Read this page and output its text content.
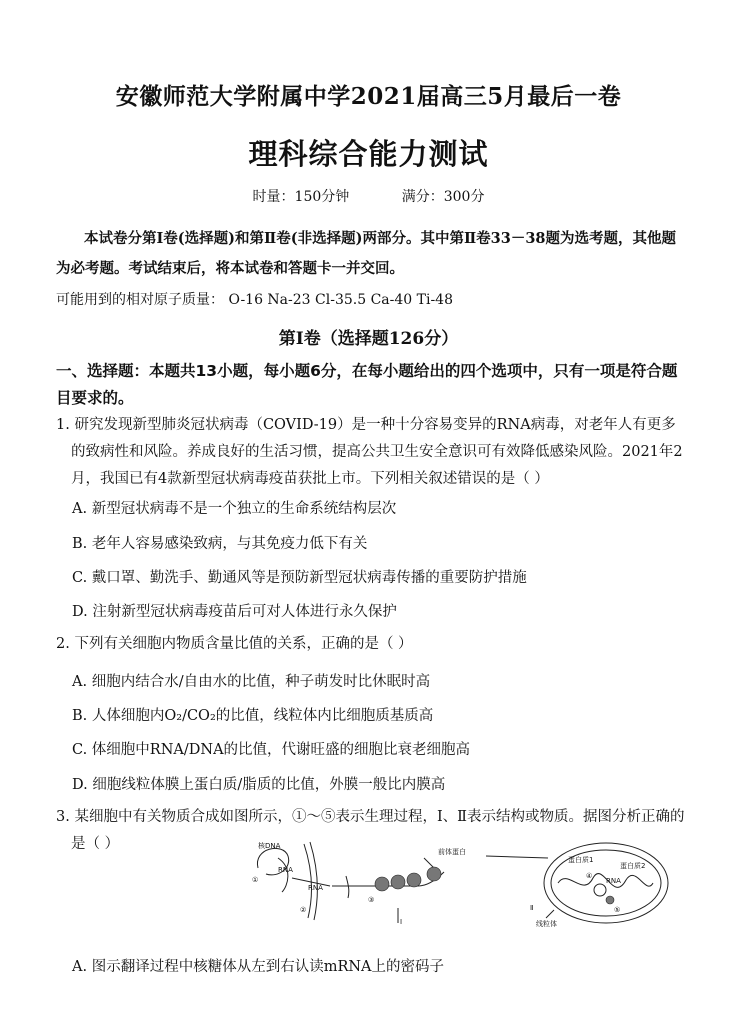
安徽师范大学附属中学2021届高三5月最后一卷
理科综合能力测试
时量：150分钟	满分：300分
本试卷分第Ⅰ卷(选择题)和第Ⅱ卷(非选择题)两部分。其中第Ⅱ卷33－38题为选考题，其他题为必考题。考试结束后，将本试卷和答题卡一并交回。
可能用到的相对原子质量： O-16 Na-23 Cl-35.5 Ca-40 Ti-48
第Ⅰ卷（选择题126分）
一、选择题：本题共13小题，每小题6分，在每小题给出的四个选项中，只有一项是符合题目要求的。
1. 研究发现新型肺炎冠状病毒（COVID-19）是一种十分容易变异的RNA病毒，对老年人有更多的致病性和风险。养成良好的生活习惯，提高公共卫生安全意识可有效降低感染风险。2021年2月，我国已有4款新型冠状病毒疫苗获批上市。下列相关叙述错误的是（ ）
A. 新型冠状病毒不是一个独立的生命系统结构层次
B. 老年人容易感染致病，与其免疫力低下有关
C. 戴口罩、勤洗手、勤通风等是预防新型冠状病毒传播的重要防护措施
D. 注射新型冠状病毒疫苗后可对人体进行永久保护
2. 下列有关细胞内物质含量比值的关系，正确的是（ ）
A. 细胞内结合水/自由水的比值，种子萌发时比休眠时高
B. 人体细胞内O₂/CO₂的比值，线粒体内比细胞质基质高
C. 体细胞中RNA/DNA的比值，代谢旺盛的细胞比衰老细胞高
D. 细胞线粒体膜上蛋白质/脂质的比值，外膜一般比内膜高
3. 某细胞中有关物质合成如图所示，①～⑤表示生理过程，Ⅰ、Ⅱ表示结构或物质。据图分析正确的是（ ）	核DNA
RNA
RNA
前体蛋白
蛋白质1
蛋白质2
RNA
线粒体
Ⅰ
Ⅱ
①
②
③
④
⑤
A. 图示翻译过程中核糖体从左到右认读mRNA上的密码子
